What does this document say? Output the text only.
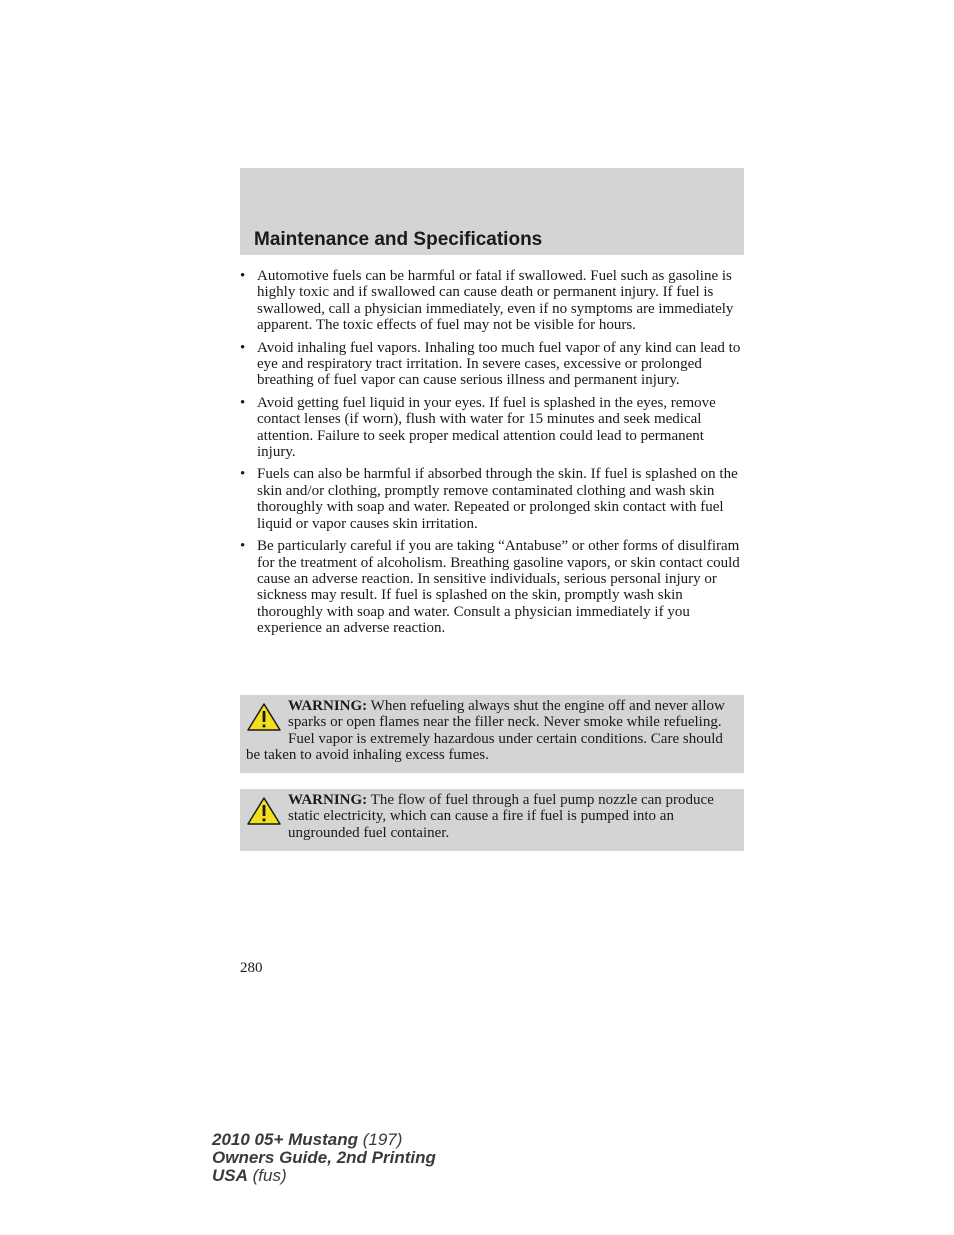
Maintenance and Specifications
• Automotive fuels can be harmful or fatal if swallowed. Fuel such as gasoline is highly toxic and if swallowed can cause death or permanent injury. If fuel is swallowed, call a physician immediately, even if no symptoms are immediately apparent. The toxic effects of fuel may not be visible for hours.
• Avoid inhaling fuel vapors. Inhaling too much fuel vapor of any kind can lead to eye and respiratory tract irritation. In severe cases, excessive or prolonged breathing of fuel vapor can cause serious illness and permanent injury.
• Avoid getting fuel liquid in your eyes. If fuel is splashed in the eyes, remove contact lenses (if worn), flush with water for 15 minutes and seek medical attention. Failure to seek proper medical attention could lead to permanent injury.
• Fuels can also be harmful if absorbed through the skin. If fuel is splashed on the skin and/or clothing, promptly remove contaminated clothing and wash skin thoroughly with soap and water. Repeated or prolonged skin contact with fuel liquid or vapor causes skin irritation.
• Be particularly careful if you are taking “Antabuse” or other forms of disulfiram for the treatment of alcoholism. Breathing gasoline vapors, or skin contact could cause an adverse reaction. In sensitive individuals, serious personal injury or sickness may result. If fuel is splashed on the skin, promptly wash skin thoroughly with soap and water. Consult a physician immediately if you experience an adverse reaction.
WARNING: When refueling always shut the engine off and never allow sparks or open flames near the filler neck. Never smoke while refueling. Fuel vapor is extremely hazardous under certain conditions. Care should be taken to avoid inhaling excess fumes.
WARNING: The flow of fuel through a fuel pump nozzle can produce static electricity, which can cause a fire if fuel is pumped into an ungrounded fuel container.
280
2010 05+ Mustang (197)
Owners Guide, 2nd Printing
USA (fus)
